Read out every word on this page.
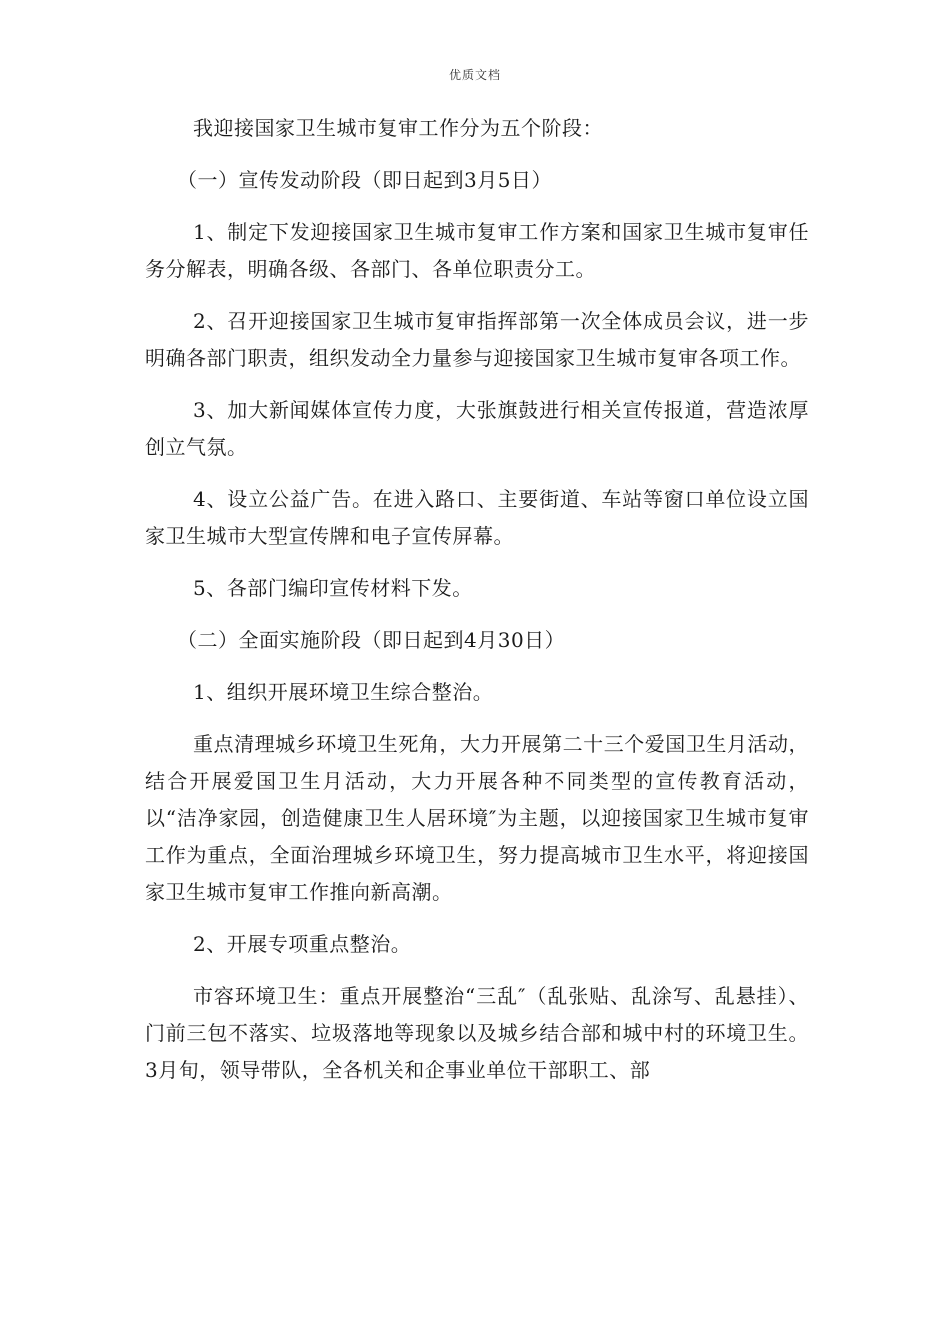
优质文档

我迎接国家卫生城市复审工作分为五个阶段：

（一）宣传发动阶段（即日起到3月5日）

1、制定下发迎接国家卫生城市复审工作方案和国家卫生城市复审任务分解表，明确各级、各部门、各单位职责分工。

2、召开迎接国家卫生城市复审指挥部第一次全体成员会议，进一步明确各部门职责，组织发动全力量参与迎接国家卫生城市复审各项工作。

3、加大新闻媒体宣传力度，大张旗鼓进行相关宣传报道，营造浓厚创立气氛。

4、设立公益广告。在进入路口、主要街道、车站等窗口单位设立国家卫生城市大型宣传牌和电子宣传屏幕。

5、各部门编印宣传材料下发。

（二）全面实施阶段（即日起到4月30日）

1、组织开展环境卫生综合整治。

重点清理城乡环境卫生死角，大力开展第二十三个爱国卫生月活动，结合开展爱国卫生月活动，大力开展各种不同类型的宣传教育活动，以“洁净家园，创造健康卫生人居环境″为主题，以迎接国家卫生城市复审工作为重点，全面治理城乡环境卫生，努力提高城市卫生水平，将迎接国家卫生城市复审工作推向新高潮。

2、开展专项重点整治。

市容环境卫生：重点开展整治“三乱″（乱张贴、乱涂写、乱悬挂）、门前三包不落实、垃圾落地等现象以及城乡结合部和城中村的环境卫生。3月旬，领导带队，全各机关和企事业单位干部职工、部
